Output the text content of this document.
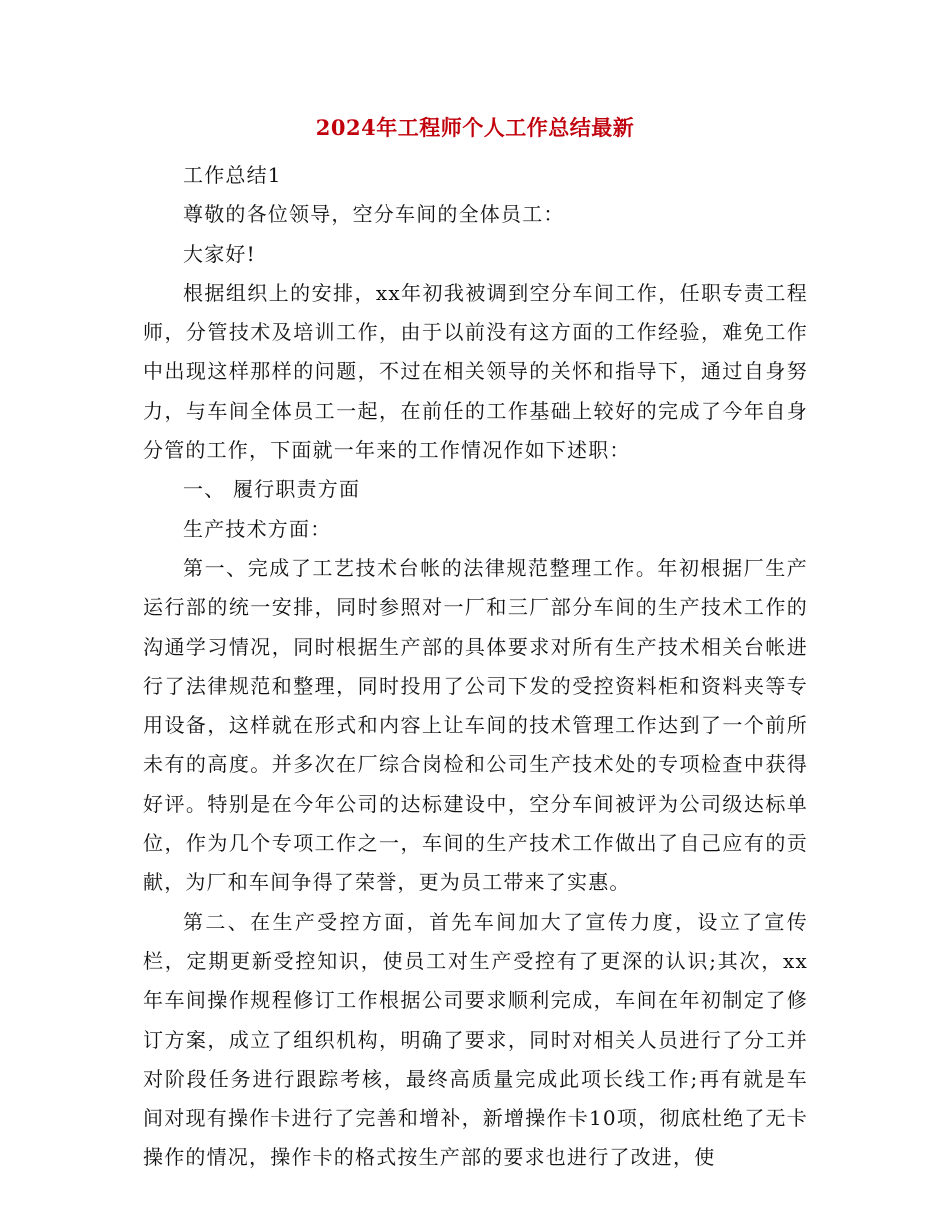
2024年工程师个人工作总结最新

工作总结1

尊敬的各位领导，空分车间的全体员工：

大家好!

根据组织上的安排，xx年初我被调到空分车间工作，任职专责工程师，分管技术及培训工作，由于以前没有这方面的工作经验，难免工作中出现这样那样的问题，不过在相关领导的关怀和指导下，通过自身努力，与车间全体员工一起，在前任的工作基础上较好的完成了今年自身分管的工作，下面就一年来的工作情况作如下述职：

一、 履行职责方面

生产技术方面：

第一、完成了工艺技术台帐的法律规范整理工作。年初根据厂生产运行部的统一安排，同时参照对一厂和三厂部分车间的生产技术工作的沟通学习情况，同时根据生产部的具体要求对所有生产技术相关台帐进行了法律规范和整理，同时投用了公司下发的受控资料柜和资料夹等专用设备，这样就在形式和内容上让车间的技术管理工作达到了一个前所未有的高度。并多次在厂综合岗检和公司生产技术处的专项检查中获得好评。特别是在今年公司的达标建设中，空分车间被评为公司级达标单位，作为几个专项工作之一，车间的生产技术工作做出了自己应有的贡献，为厂和车间争得了荣誉，更为员工带来了实惠。

第二、在生产受控方面，首先车间加大了宣传力度，设立了宣传栏，定期更新受控知识，使员工对生产受控有了更深的认识;其次，xx年车间操作规程修订工作根据公司要求顺利完成，车间在年初制定了修订方案，成立了组织机构，明确了要求，同时对相关人员进行了分工并对阶段任务进行跟踪考核，最终高质量完成此项长线工作;再有就是车间对现有操作卡进行了完善和增补，新增操作卡10项，彻底杜绝了无卡操作的情况，操作卡的格式按生产部的要求也进行了改进，使
